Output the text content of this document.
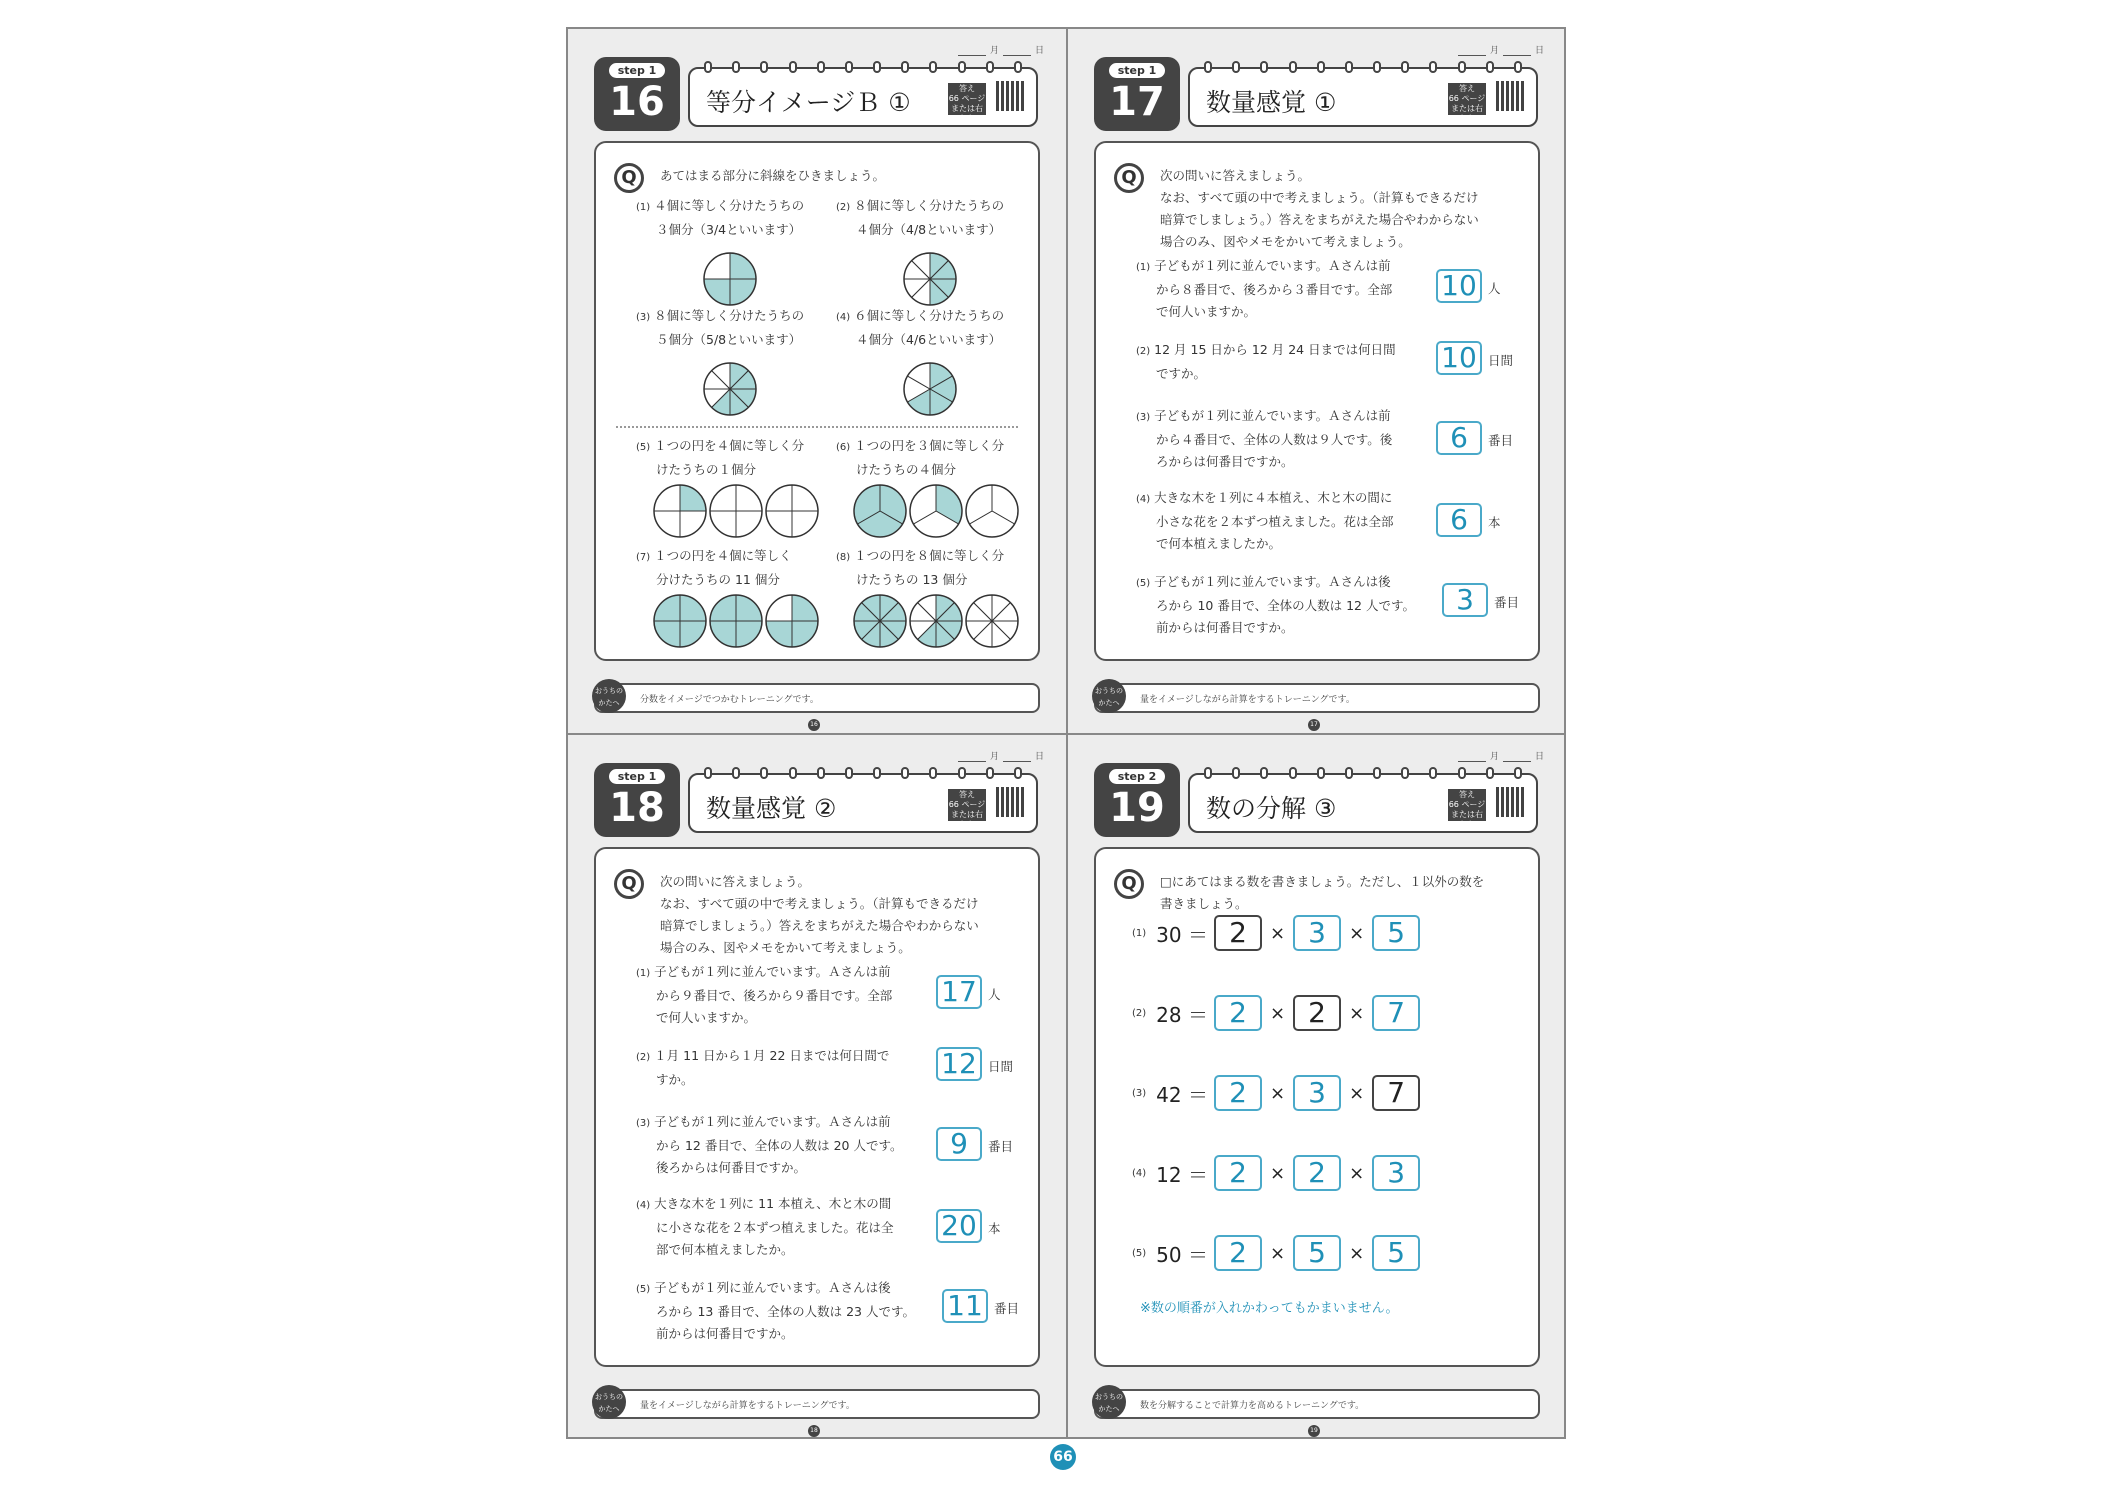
月	日
step 1
16	等分イメージＢ ①	答え
66 ページ
または右から
Q	あてはまる部分に斜線をひきましょう。
(1) ４個に等しく分けたうちの
３個分（3/4といいます）
(2) ８個に等しく分けたうちの
４個分（4/8といいます）
(3) ８個に等しく分けたうちの
５個分（5/8といいます）
(4) ６個に等しく分けたうちの
４個分（4/6といいます）
(5) １つの円を４個に等しく分
けたうちの１個分
(6) １つの円を３個に等しく分
けたうちの４個分
(7) １つの円を４個に等しく
分けたうちの 11 個分
(8) １つの円を８個に等しく分
けたうちの 13 個分
おうちの
かたへ	分数をイメージでつかむトレーニングです。
16
月	日
step 1
17	数量感覚 ①	答え
66 ページ
または右から
Q	次の問いに答えましょう。
なお、すべて頭の中で考えましょう。（計算もできるだけ
暗算でしましょう。）答えをまちがえた場合やわからない
場合のみ、図やメモをかいて考えましょう。
(1) 子どもが１列に並んでいます。Ａさんは前
から８番目で、後ろから３番目です。全部
で何人いますか。
10 人
(2) 12 月 15 日から 12 月 24 日までは何日間
ですか。	10 日間
(3) 子どもが１列に並んでいます。Ａさんは前
から４番目で、全体の人数は９人です。後
ろからは何番目ですか。
6	番目
(4) 大きな木を１列に４本植え、木と木の間に
小さな花を２本ずつ植えました。花は全部
で何本植えましたか。
6	本
(5) 子どもが１列に並んでいます。Ａさんは後
ろから 10 番目で、全体の人数は 12 人です。
前からは何番目ですか。
3	番目
おうちの
かたへ	量をイメージしながら計算をするトレーニングです。
17
月	日
step 1
18	数量感覚 ②	答え
66 ページ
または右から
Q	次の問いに答えましょう。
なお、すべて頭の中で考えましょう。（計算もできるだけ
暗算でしましょう。）答えをまちがえた場合やわからない
場合のみ、図やメモをかいて考えましょう。
(1) 子どもが１列に並んでいます。Ａさんは前
から９番目で、後ろから９番目です。全部
で何人いますか。
17 人
(2) １月 11 日から１月 22 日までは何日間で
すか。	12 日間
(3) 子どもが１列に並んでいます。Ａさんは前
から 12 番目で、全体の人数は 20 人です。
後ろからは何番目ですか。
9	番目
(4) 大きな木を１列に 11 本植え、木と木の間
に小さな花を２本ずつ植えました。花は全
部で何本植えましたか。
20 本
(5) 子どもが１列に並んでいます。Ａさんは後
ろから 13 番目で、全体の人数は 23 人です。
前からは何番目ですか。
11 番目
おうちの
かたへ	量をイメージしながら計算をするトレーニングです。
18
月	日
step 2
19	数の分解 ③	答え
66 ページ
または右から
Q	□にあてはまる数を書きましょう。ただし、１以外の数を
書きましょう。
(1) 30 ＝ 2	× 3	× 5
(2) 28 ＝ 2	× 2	× 7
(3) 42 ＝ 2	× 3	× 7
(4) 12 ＝ 2	× 2	× 3
(5) 50 ＝ 2	× 5	× 5
※数の順番が入れかわってもかまいません。
おうちの
かたへ	数を分解することで計算力を高めるトレーニングです。
19
66
